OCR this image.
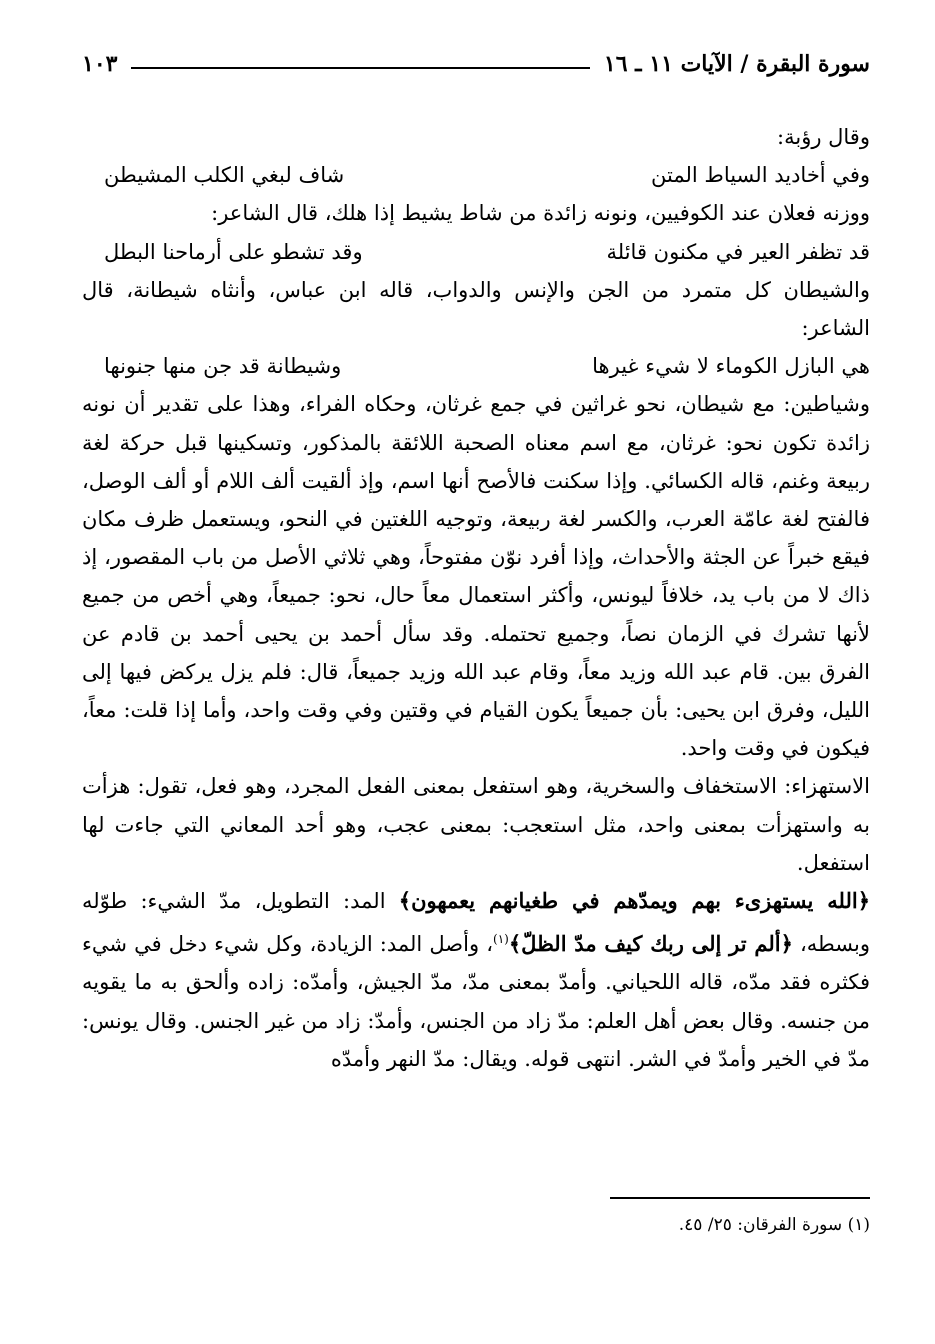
سورة البقرة / الآيات ١١ ـ ١٦
١٠٣

وقال رؤبة:

وفي أخاديد السياط المتن
شاف لبغي الكلب المشيطن

ووزنه فعلان عند الكوفيين، ونونه زائدة من شاط يشيط إذا هلك، قال الشاعر:

قد تظفر العير في مكنون قائلة
وقد تشطو على أرماحنا البطل

والشيطان كل متمرد من الجن والإنس والدواب، قاله ابن عباس، وأنثاه شيطانة، قال الشاعر:

هي البازل الكوماء لا شيء غيرها
وشيطانة قد جن منها جنونها

وشياطين: مع شيطان، نحو غراثين في جمع غرثان، وحكاه الفراء، وهذا على تقدير أن نونه زائدة تكون نحو: غرثان، مع اسم معناه الصحبة اللائقة بالمذكور، وتسكينها قبل حركة لغة ربيعة وغنم، قاله الكسائي. وإذا سكنت فالأصح أنها اسم، وإذ ألقيت ألف اللام أو ألف الوصل، فالفتح لغة عامّة العرب، والكسر لغة ربيعة، وتوجيه اللغتين في النحو، ويستعمل ظرف مكان فيقع خبراً عن الجثة والأحداث، وإذا أفرد نوّن مفتوحاً، وهي ثلاثي الأصل من باب المقصور، إذ ذاك لا من باب يد، خلافاً ليونس، وأكثر استعمال معاً حال، نحو: جميعاً، وهي أخص من جميع لأنها تشرك في الزمان نصاً، وجميع تحتمله. وقد سأل أحمد بن يحيى أحمد بن قادم عن الفرق بين. قام عبد الله وزيد معاً، وقام عبد الله وزيد جميعاً، قال: فلم يزل يركض فيها إلى الليل، وفرق ابن يحيى: بأن جميعاً يكون القيام في وقتين وفي وقت واحد، وأما إذا قلت: معاً، فيكون في وقت واحد.

الاستهزاء: الاستخفاف والسخرية، وهو استفعل بمعنى الفعل المجرد، وهو فعل، تقول: هزأت به واستهزأت بمعنى واحد، مثل استعجب: بمعنى عجب، وهو أحد المعاني التي جاءت لها استفعل.

﴿الله يستهزىء بهم ويمدّهم في طغيانهم يعمهون﴾ المد: التطويل، مدّ الشيء: طوّله وبسطه، ﴿ألم تر إلى ربك كيف مدّ الظلّ﴾$^{(١)}$، وأصل المد: الزيادة، وكل شيء دخل في شيء فكثره فقد مدّه، قاله اللحياني. وأمدّ بمعنى مدّ، مدّ الجيش، وأمدّه: زاده وألحق به ما يقويه من جنسه. وقال بعض أهل العلم: مدّ زاد من الجنس، وأمدّ: زاد من غير الجنس. وقال يونس: مدّ في الخير وأمدّ في الشر. انتهى قوله. ويقال: مدّ النهر وأمدّه

(١) سورة الفرقان: ٢٥/ ٤٥.
